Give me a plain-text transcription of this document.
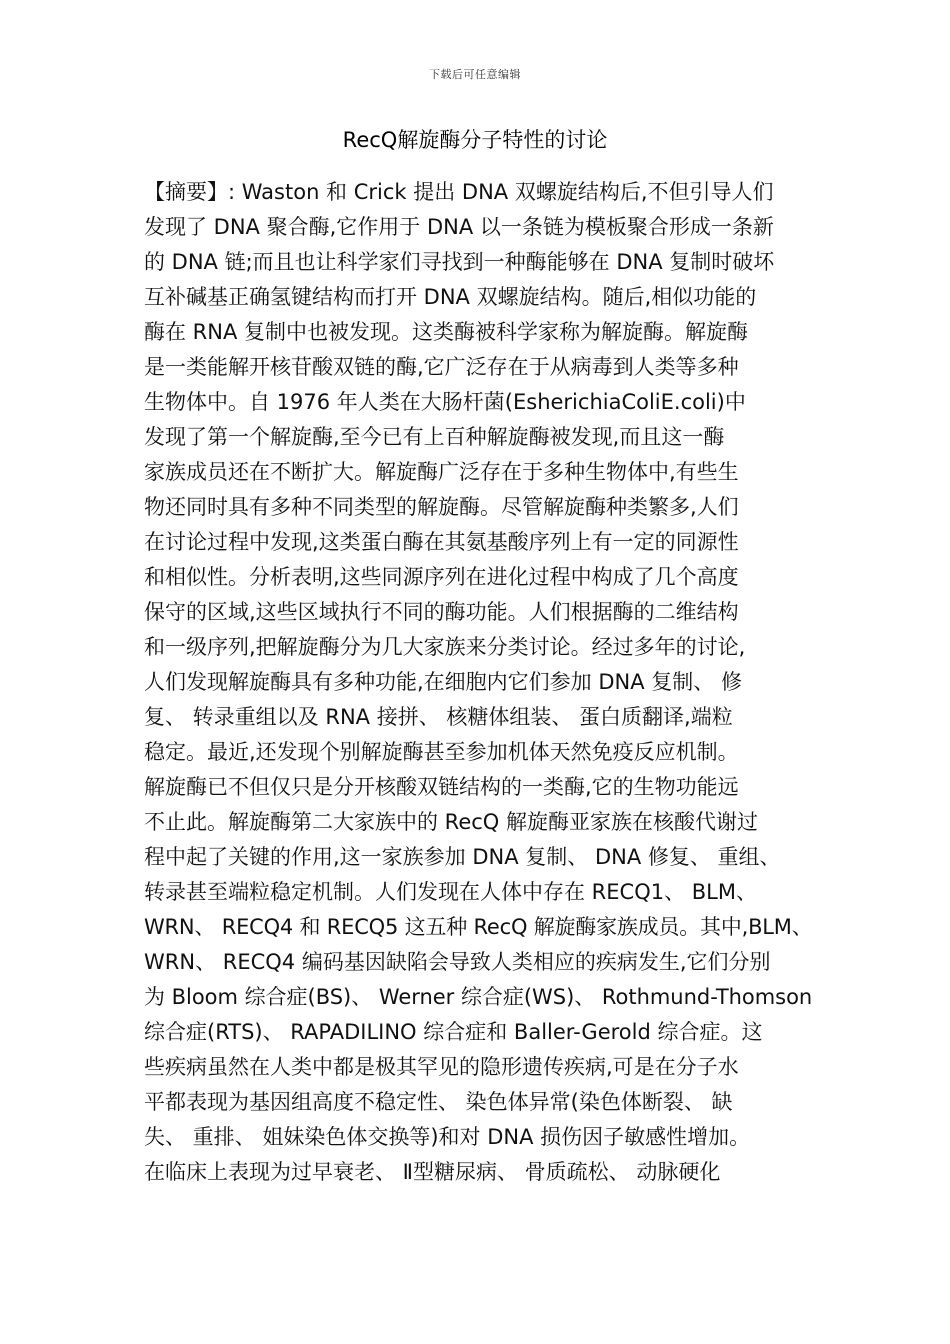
下载后可任意编辑
RecQ解旋酶分子特性的讨论
【摘要】: Waston 和 Crick 提出 DNA 双螺旋结构后,不但引导人们
发现了 DNA 聚合酶,它作用于 DNA 以一条链为模板聚合形成一条新
的 DNA 链;而且也让科学家们寻找到一种酶能够在 DNA 复制时破坏
互补碱基正确氢键结构而打开 DNA 双螺旋结构。随后,相似功能的
酶在 RNA 复制中也被发现。这类酶被科学家称为解旋酶。解旋酶
是一类能解开核苷酸双链的酶,它广泛存在于从病毒到人类等多种
生物体中。自 1976 年人类在大肠杆菌(EsherichiaColiE.coli)中
发现了第一个解旋酶,至今已有上百种解旋酶被发现,而且这一酶
家族成员还在不断扩大。解旋酶广泛存在于多种生物体中,有些生
物还同时具有多种不同类型的解旋酶。尽管解旋酶种类繁多,人们
在讨论过程中发现,这类蛋白酶在其氨基酸序列上有一定的同源性
和相似性。分析表明,这些同源序列在进化过程中构成了几个高度
保守的区域,这些区域执行不同的酶功能。人们根据酶的二维结构
和一级序列,把解旋酶分为几大家族来分类讨论。经过多年的讨论,
人们发现解旋酶具有多种功能,在细胞内它们参加 DNA 复制、 修
复、 转录重组以及 RNA 接拼、 核糖体组装、 蛋白质翻译,端粒
稳定。最近,还发现个别解旋酶甚至参加机体天然免疫反应机制。
解旋酶已不但仅只是分开核酸双链结构的一类酶,它的生物功能远
不止此。解旋酶第二大家族中的 RecQ 解旋酶亚家族在核酸代谢过
程中起了关键的作用,这一家族参加 DNA 复制、 DNA 修复、 重组、
转录甚至端粒稳定机制。人们发现在人体中存在 RECQ1、 BLM、
WRN、 RECQ4 和 RECQ5 这五种 RecQ 解旋酶家族成员。其中,BLM、
WRN、 RECQ4 编码基因缺陷会导致人类相应的疾病发生,它们分别
为 Bloom 综合症(BS)、 Werner 综合症(WS)、 Rothmund-Thomson
综合症(RTS)、 RAPADILINO 综合症和 Baller-Gerold 综合症。这
些疾病虽然在人类中都是极其罕见的隐形遗传疾病,可是在分子水
平都表现为基因组高度不稳定性、 染色体异常(染色体断裂、 缺
失、 重排、 姐妹染色体交换等)和对 DNA 损伤因子敏感性增加。
在临床上表现为过早衰老、 Ⅱ型糖尿病、 骨质疏松、 动脉硬化
